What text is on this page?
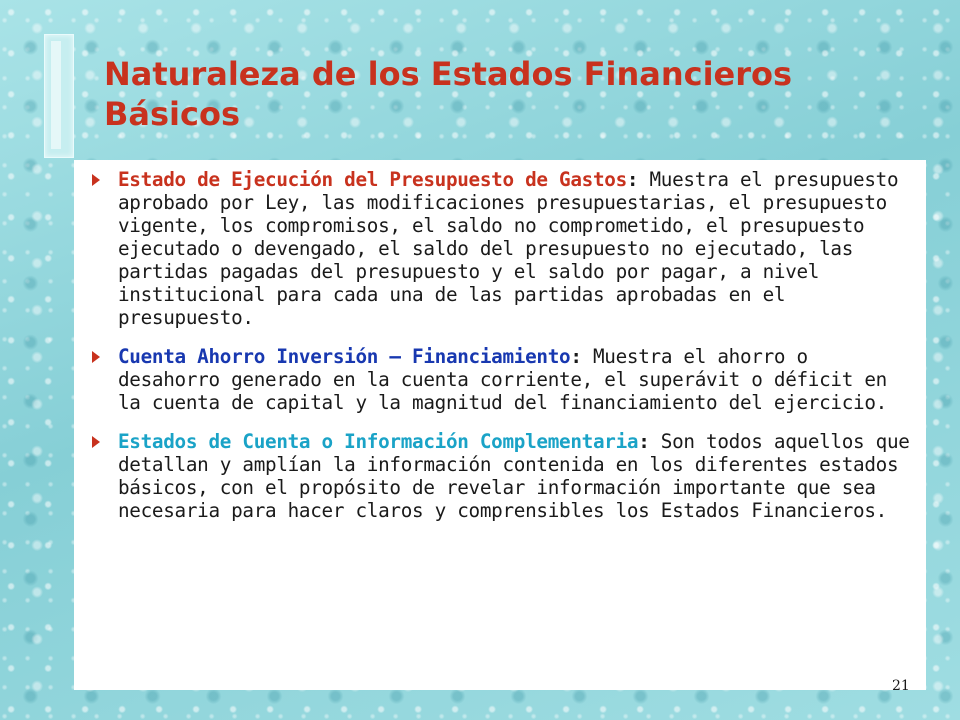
Naturaleza de los Estados Financieros Básicos
Estado de Ejecución del Presupuesto de Gastos: Muestra el presupuesto aprobado por Ley, las modificaciones presupuestarias, el presupuesto vigente, los compromisos, el saldo no comprometido, el presupuesto ejecutado o devengado, el saldo del presupuesto no ejecutado, las partidas pagadas del presupuesto y el saldo por pagar, a nivel institucional para cada una de las partidas aprobadas en el presupuesto.
Cuenta Ahorro Inversión – Financiamiento: Muestra el ahorro o desahorro generado en la cuenta corriente, el superávit o déficit en la cuenta de capital y la magnitud del financiamiento del ejercicio.
Estados de Cuenta o Información Complementaria: Son todos aquellos que detallan y amplían la información contenida en los diferentes estados básicos, con el propósito de revelar información importante que sea necesaria para hacer claros y comprensibles los Estados Financieros.
21
